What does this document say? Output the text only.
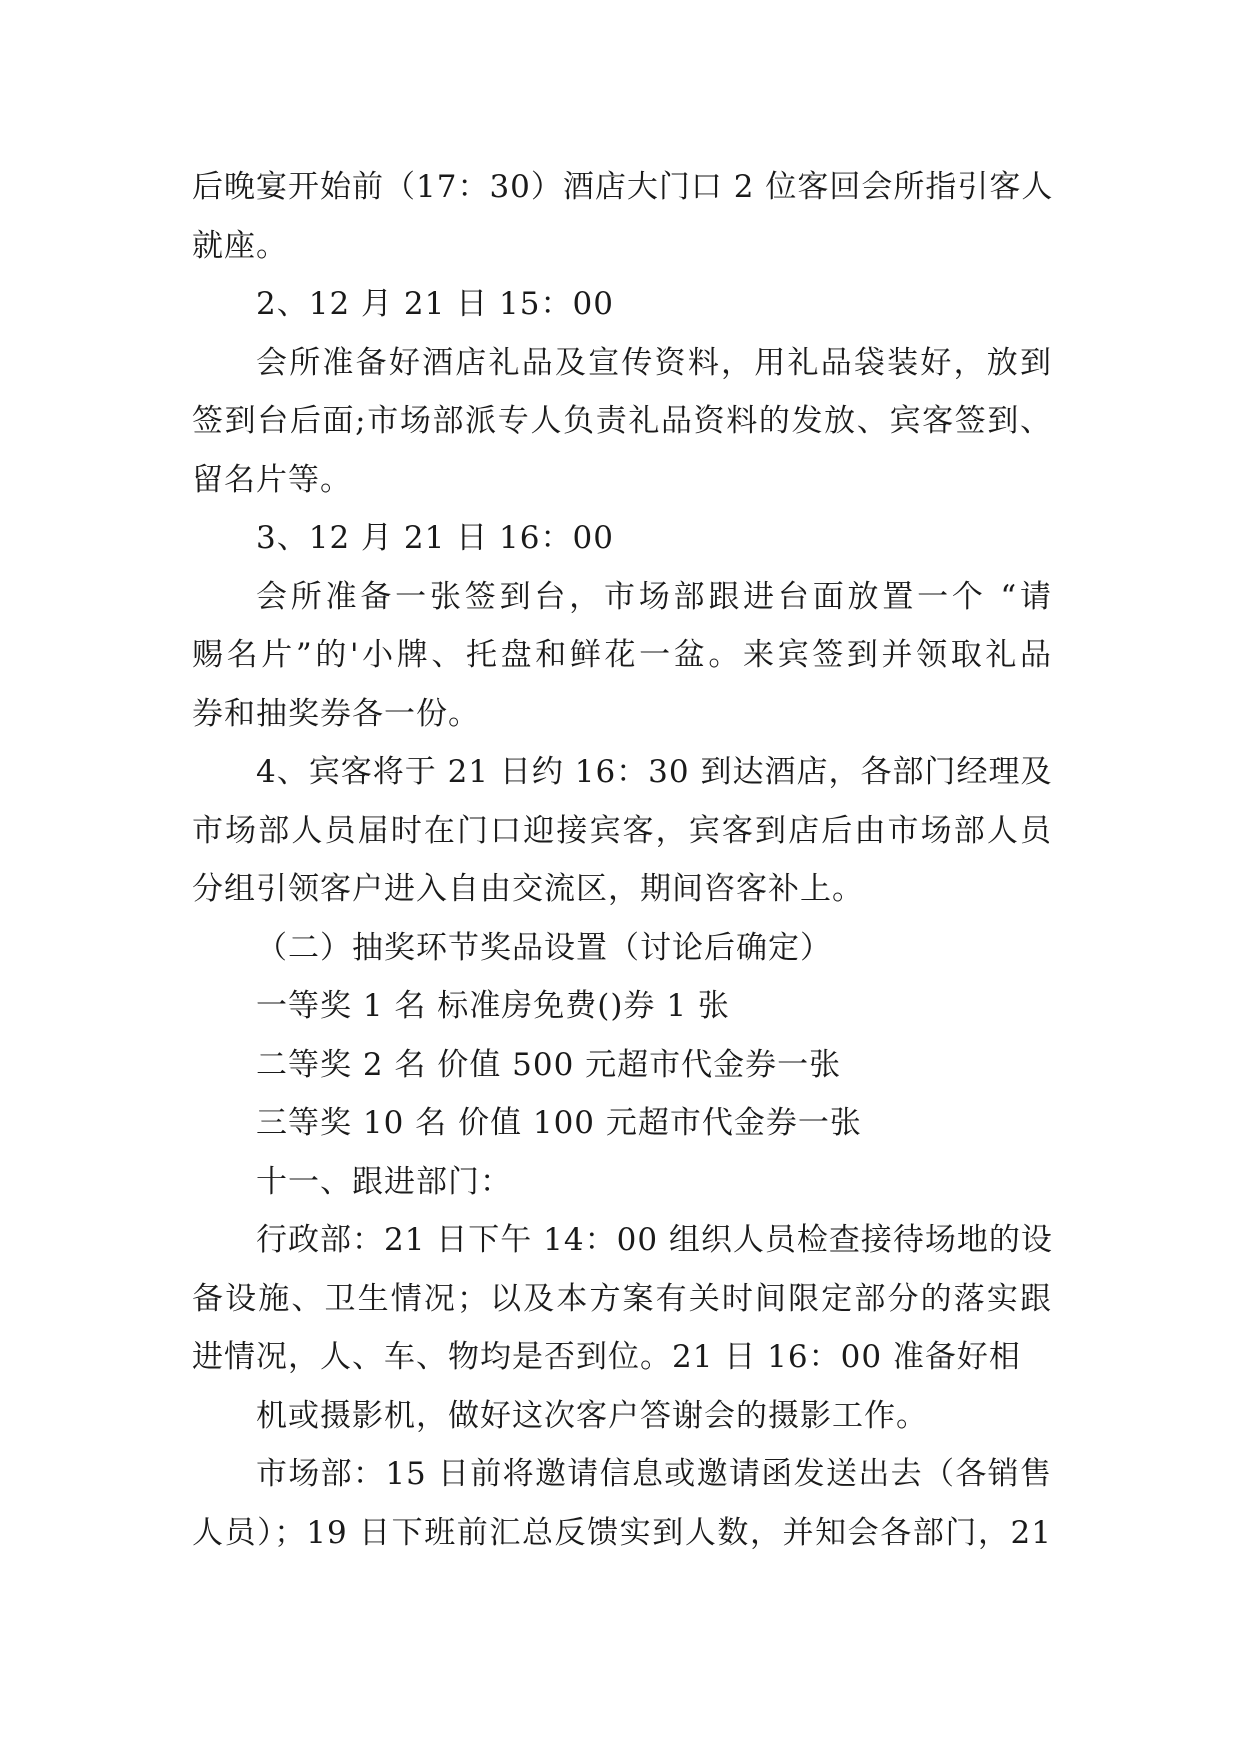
后晚宴开始前（17：30）酒店大门口 2 位客回会所指引客人
就座。
2、12 月 21 日 15：00
会所准备好酒店礼品及宣传资料，用礼品袋装好，放到
签到台后面;市场部派专人负责礼品资料的发放、宾客签到、
留名片等。
3、12 月 21 日 16：00
会所准备一张签到台，市场部跟进台面放置一个 “请
赐名片”的'小牌、托盘和鲜花一盆。来宾签到并领取礼品
券和抽奖券各一份。
4、宾客将于 21 日约 16：30 到达酒店，各部门经理及
市场部人员届时在门口迎接宾客，宾客到店后由市场部人员
分组引领客户进入自由交流区，期间咨客补上。
（二）抽奖环节奖品设置（讨论后确定）
一等奖 1 名 标准房免费()券 1 张
二等奖 2 名 价值 500 元超市代金券一张
三等奖 10 名 价值 100 元超市代金券一张
十一、跟进部门：
行政部：21 日下午 14：00 组织人员检查接待场地的设
备设施、卫生情况；以及本方案有关时间限定部分的落实跟
进情况，人、车、物均是否到位。21 日 16：00 准备好相
机或摄影机，做好这次客户答谢会的摄影工作。
市场部：15 日前将邀请信息或邀请函发送出去（各销售
人员）；19 日下班前汇总反馈实到人数，并知会各部门，21
